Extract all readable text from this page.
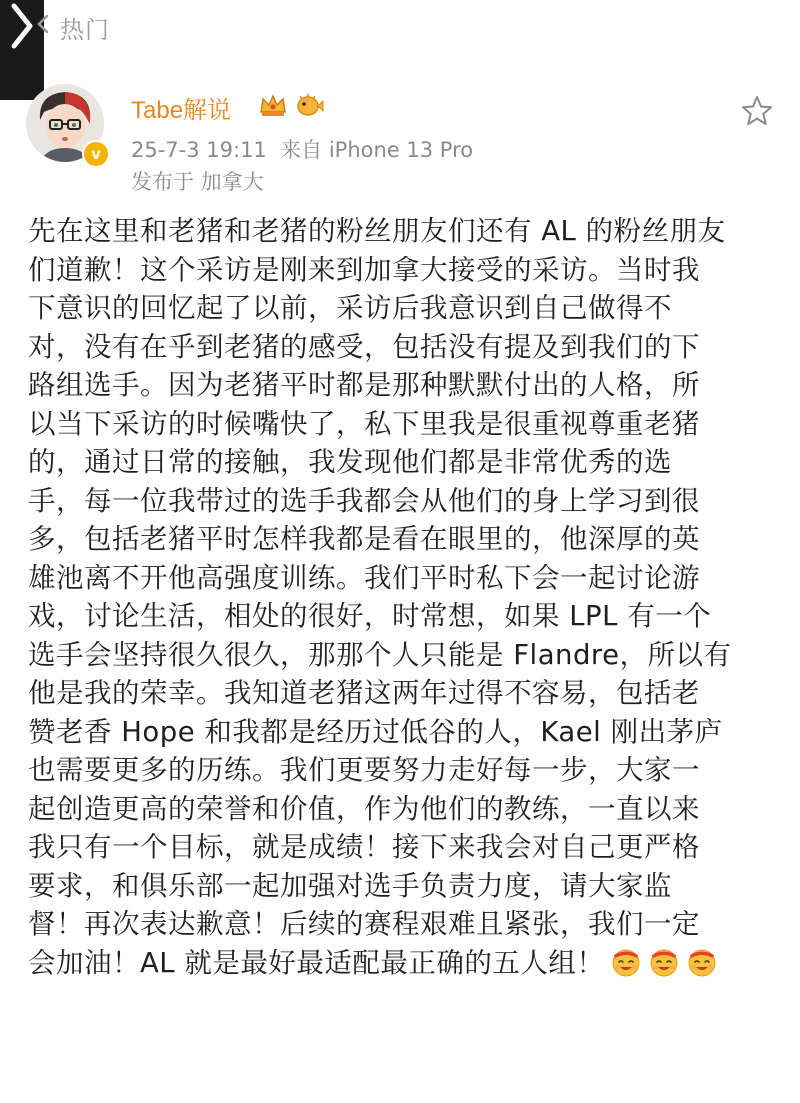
热门
v
Tabe解说
25-7-3 19:11 来自 iPhone 13 Pro
发布于 加拿大
先在这里和老猪和老猪的粉丝朋友们还有 AL 的粉丝朋友
们道歉！这个采访是刚来到加拿大接受的采访。当时我
下意识的回忆起了以前，采访后我意识到自己做得不
对，没有在乎到老猪的感受，包括没有提及到我们的下
路组选手。因为老猪平时都是那种默默付出的人格，所
以当下采访的时候嘴快了，私下里我是很重视尊重老猪
的，通过日常的接触，我发现他们都是非常优秀的选
手，每一位我带过的选手我都会从他们的身上学习到很
多，包括老猪平时怎样我都是看在眼里的，他深厚的英
雄池离不开他高强度训练。我们平时私下会一起讨论游
戏，讨论生活，相处的很好，时常想，如果 LPL 有一个
选手会坚持很久很久，那那个人只能是 Flandre，所以有
他是我的荣幸。我知道老猪这两年过得不容易，包括老
赞老香 Hope 和我都是经历过低谷的人，Kael 刚出茅庐
也需要更多的历练。我们更要努力走好每一步，大家一
起创造更高的荣誉和价值，作为他们的教练，一直以来
我只有一个目标，就是成绩！接下来我会对自己更严格
要求，和俱乐部一起加强对选手负责力度，请大家监
督！再次表达歉意！后续的赛程艰难且紧张，我们一定
会加油！AL 就是最好最适配最正确的五人组！
